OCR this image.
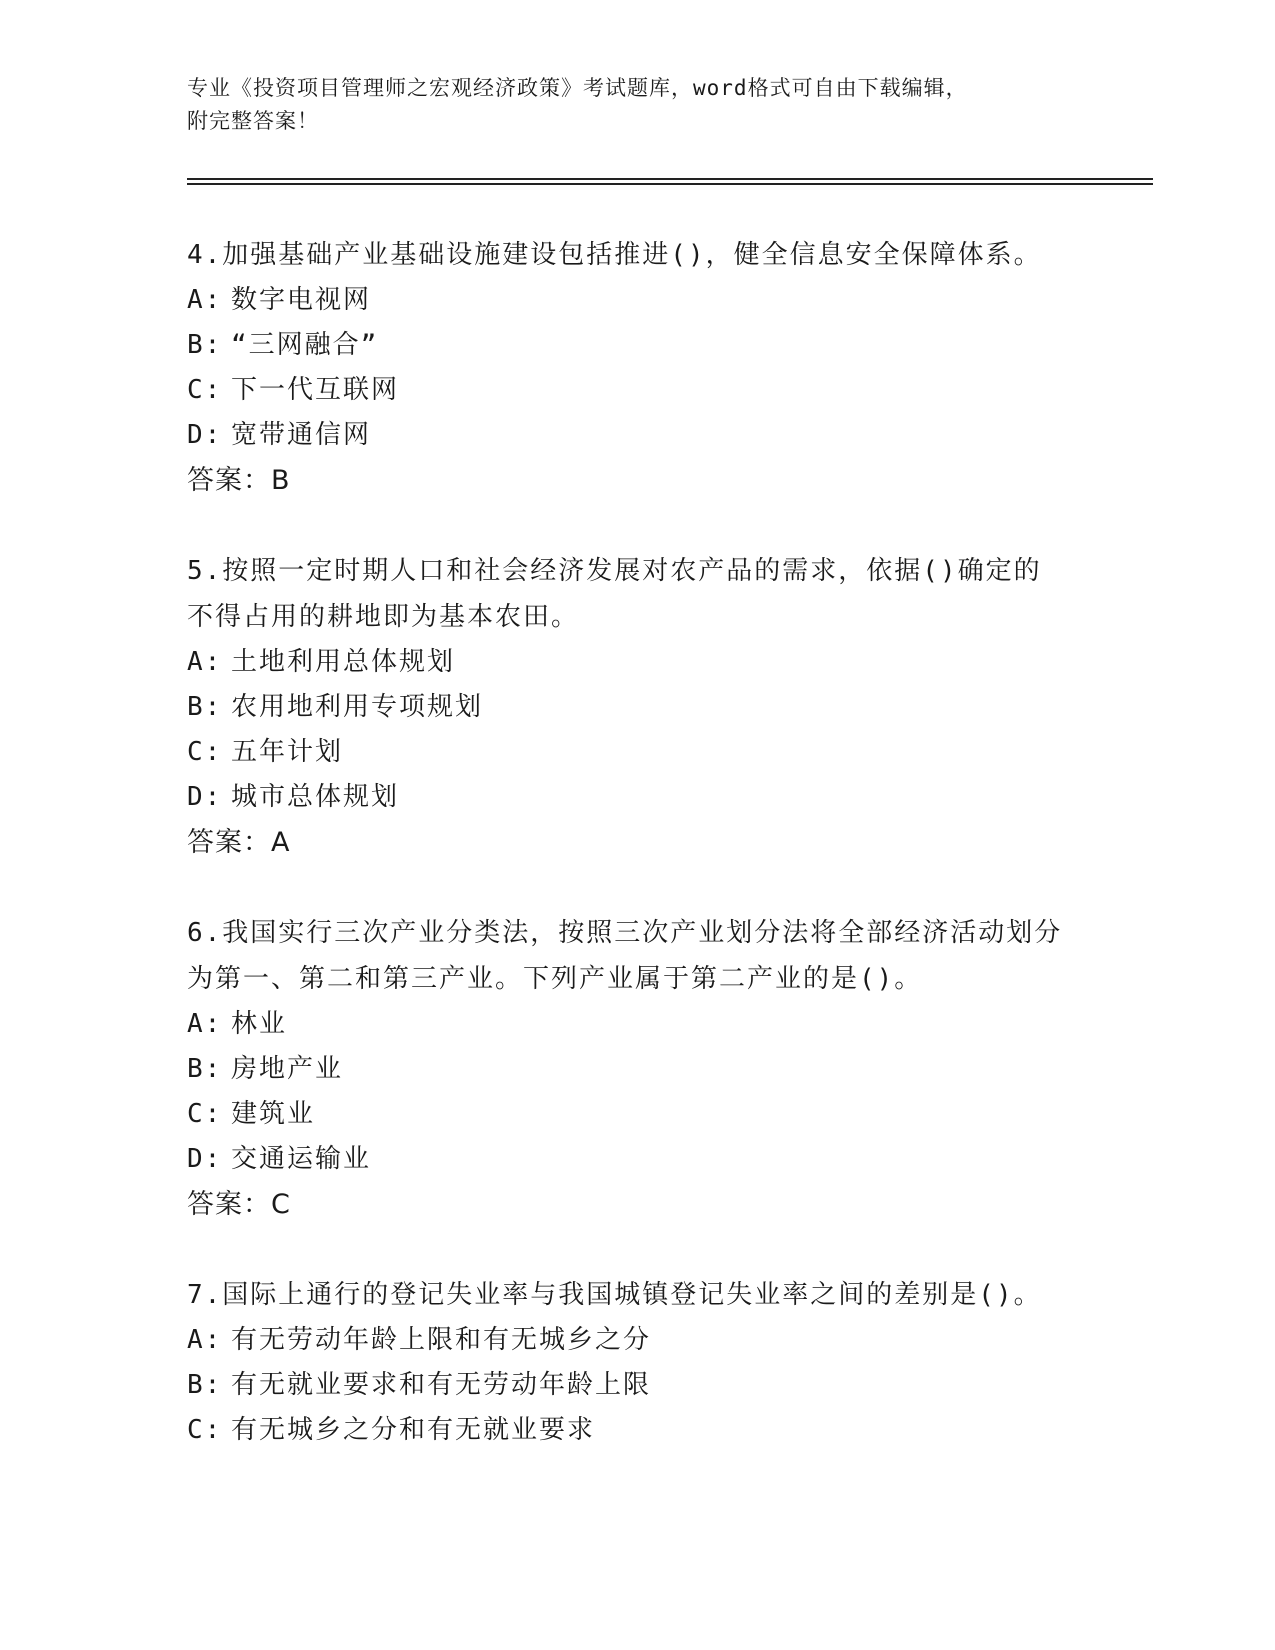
专业《投资项目管理师之宏观经济政策》考试题库，word格式可自由下载编辑，
附完整答案！
4.加强基础产业基础设施建设包括推进()，健全信息安全保障体系。
A: 数字电视网
B: “三网融合”
C: 下一代互联网
D: 宽带通信网
答案：B
5.按照一定时期人口和社会经济发展对农产品的需求，依据()确定的不得占用的耕地即为基本农田。
A: 土地利用总体规划
B: 农用地利用专项规划
C: 五年计划
D: 城市总体规划
答案：A
6.我国实行三次产业分类法，按照三次产业划分法将全部经济活动划分为第一、第二和第三产业。下列产业属于第二产业的是()。
A: 林业
B: 房地产业
C: 建筑业
D: 交通运输业
答案：C
7.国际上通行的登记失业率与我国城镇登记失业率之间的差别是()。
A: 有无劳动年龄上限和有无城乡之分
B: 有无就业要求和有无劳动年龄上限
C: 有无城乡之分和有无就业要求
